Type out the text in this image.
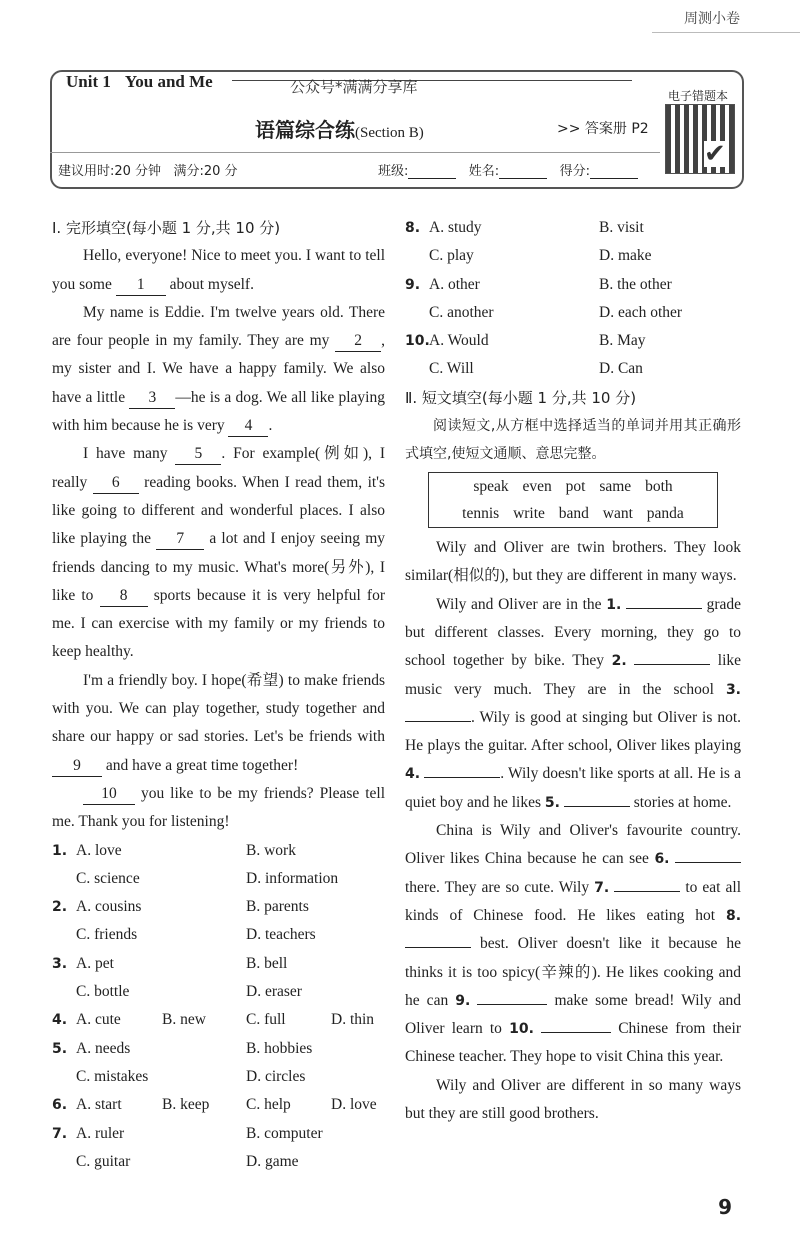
周测小卷
Unit 1 You and Me	公众号*满满分享库
语篇综合练(Section B)	>> 答案册 P2
电子错题本
✔
建议用时:20 分钟 满分:20 分	班级:	姓名:	得分:

Ⅰ. 完形填空(每小题 1 分,共 10 分)

Hello, everyone! Nice to meet you. I want to tell you some 1 about myself.

My name is Eddie. I'm twelve years old. There are four people in my family. They are my 2 , my sister and I. We have a happy family. We also have a little 3 —he is a dog. We all like playing with him because he is very 4 .

I have many 5 . For example(例如), I really 6 reading books. When I read them, it's like going to different and wonderful places. I also like playing the 7 a lot and I enjoy seeing my friends dancing to my music. What's more(另外), I like to 8 sports because it is very helpful for me. I can exercise with my family or my friends to keep healthy.

I'm a friendly boy. I hope(希望) to make friends with you. We can play together, study together and share our happy or sad stories. Let's be friends with 9 and have a great time together!

10 you like to be my friends? Please tell me. Thank you for listening!

1. A. love	B. work
C. science	D. information
2. A. cousins	B. parents
C. friends	D. teachers
3. A. pet	B. bell
C. bottle	D. eraser
4. A. cute	B. new	C. full	D. thin
5. A. needs	B. hobbies
C. mistakes	D. circles
6. A. start	B. keep C. help	D. love
7. A. ruler	B. computer
C. guitar	D. game
8. A. study	B. visit
C. play	D. make
9. A. other	B. the other
C. another	D. each other
10. A. Would	B. May
C. Will	D. Can

Ⅱ. 短文填空(每小题 1 分,共 10 分)

阅读短文,从方框中选择适当的单词并用其正确形式填空,使短文通顺、意思完整。

speak even pot same both
tennis write band want panda

Wily and Oliver are twin brothers. They look similar(相似的), but they are different in many ways.

Wily and Oliver are in the 1.	grade but different classes. Every morning, they go to school together by bike. They 2.	like music very much. They are in the school 3. . Wily is good at singing but Oliver is not. He plays the guitar. After school, Oliver likes playing 4.	. Wily doesn't like sports at all. He is a quiet boy and he likes 5.	stories at home.

China is Wily and Oliver's favourite country. Oliver likes China because he can see 6.  there. They are so cute. Wily 7.	to eat all kinds of Chinese food. He likes eating hot 8.  best. Oliver doesn't like it because he thinks it is too spicy(辛辣的). He likes cooking and he can 9.	make some bread! Wily and Oliver learn to 10.	Chinese from their Chinese teacher. They hope to visit China this year.

Wily and Oliver are different in so many ways but they are still good brothers.

9
